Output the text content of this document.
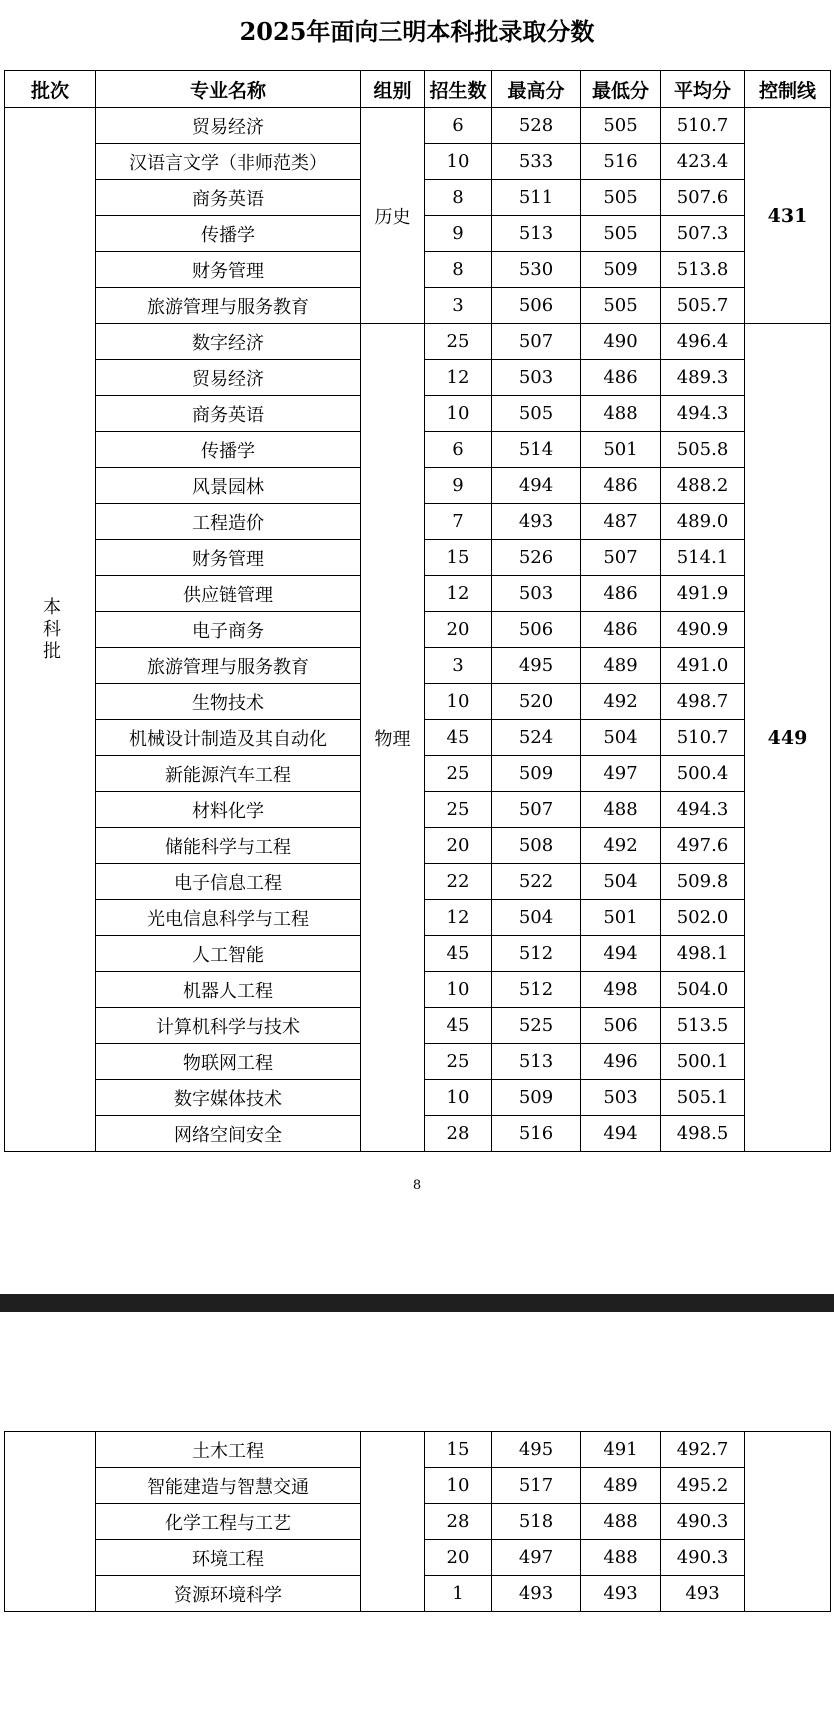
2025年面向三明本科批录取分数
批次	专业名称	组别	招生数	最高分	最低分	平均分	控制线
本科批	贸易经济	历史	6	528	505	510.7	431
	汉语言文学（非师范类）		10	533	516	423.4	
	商务英语		8	511	505	507.6	
	传播学		9	513	505	507.3	
	财务管理		8	530	509	513.8	
	旅游管理与服务教育		3	506	505	505.7	
	数字经济	物理	25	507	490	496.4	449
	贸易经济		12	503	486	489.3	
	商务英语		10	505	488	494.3	
	传播学		6	514	501	505.8	
	风景园林		9	494	486	488.2	
	工程造价		7	493	487	489.0	
	财务管理		15	526	507	514.1	
	供应链管理		12	503	486	491.9	
	电子商务		20	506	486	490.9	
	旅游管理与服务教育		3	495	489	491.0	
	生物技术		10	520	492	498.7	
	机械设计制造及其自动化		45	524	504	510.7	
	新能源汽车工程		25	509	497	500.4	
	材料化学		25	507	488	494.3	
	储能科学与工程		20	508	492	497.6	
	电子信息工程		22	522	504	509.8	
	光电信息科学与工程		12	504	501	502.0	
	人工智能		45	512	494	498.1	
	机器人工程		10	512	498	504.0	
	计算机科学与技术		45	525	506	513.5	
	物联网工程		25	513	496	500.1	
	数字媒体技术		10	509	503	505.1	
	网络空间安全		28	516	494	498.5	
8
	土木工程		15	495	491	492.7	
	智能建造与智慧交通		10	517	489	495.2	
	化学工程与工艺		28	518	488	490.3	
	环境工程		20	497	488	490.3	
	资源环境科学		1	493	493	493	
